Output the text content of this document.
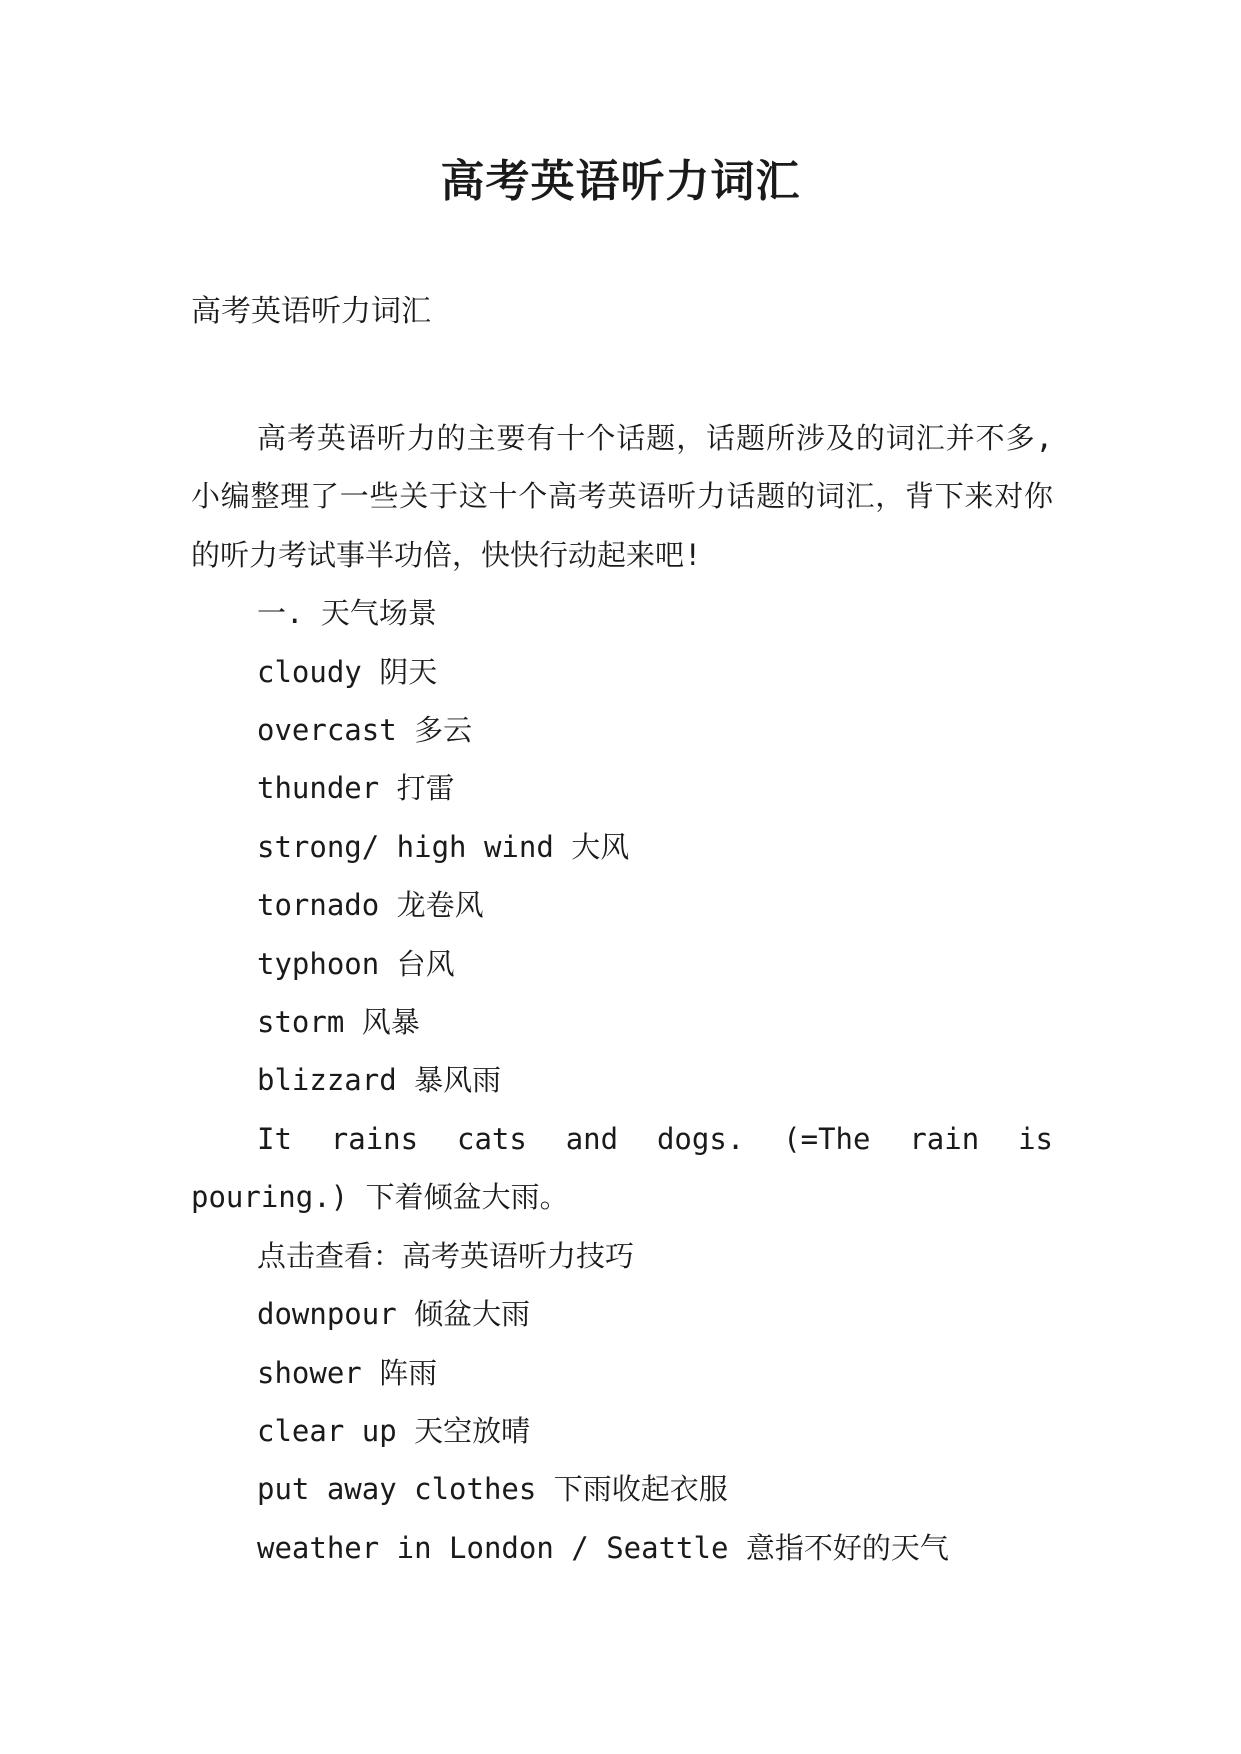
高考英语听力词汇
高考英语听力词汇

高考英语听力的主要有十个话题，话题所涉及的词汇并不多,小编整理了一些关于这十个高考英语听力话题的词汇，背下来对你的听力考试事半功倍，快快行动起来吧!

一. 天气场景

cloudy 阴天

overcast 多云

thunder 打雷

strong/ high wind 大风

tornado 龙卷风

typhoon 台风

storm 风暴

blizzard 暴风雨

It rains cats and dogs. (=The rain is pouring.) 下着倾盆大雨。

点击查看：高考英语听力技巧

downpour 倾盆大雨

shower 阵雨

clear up 天空放晴

put away clothes 下雨收起衣服

weather in London / Seattle 意指不好的天气
